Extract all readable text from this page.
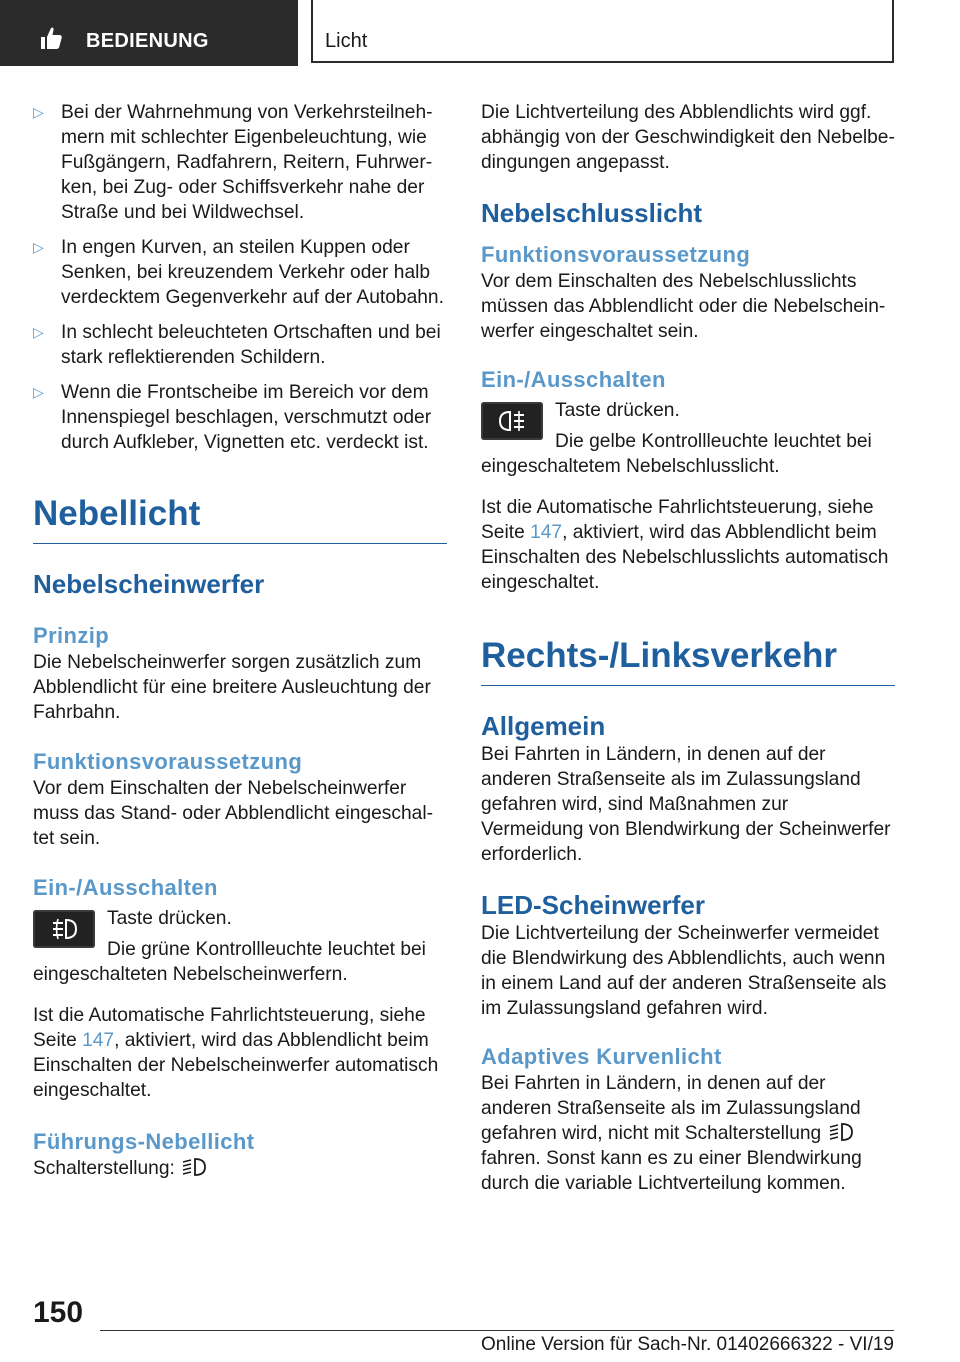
BEDIENUNG	Licht
▷ Bei der Wahrnehmung von Verkehrsteilnehmern mit schlechter Eigenbeleuchtung, wie Fußgängern, Radfahrern, Reitern, Fuhrwerken, bei Zug- oder Schiffsverkehr nahe der Straße und bei Wildwechsel.
▷ In engen Kurven, an steilen Kuppen oder Senken, bei kreuzendem Verkehr oder halb verdecktem Gegenverkehr auf der Autobahn.
▷ In schlecht beleuchteten Ortschaften und bei stark reflektierenden Schildern.
▷ Wenn die Frontscheibe im Bereich vor dem Innenspiegel beschlagen, verschmutzt oder durch Aufkleber, Vignetten etc. verdeckt ist.
Nebellicht
Nebelscheinwerfer
Prinzip

Die Nebelscheinwerfer sorgen zusätzlich zum Abblendlicht für eine breitere Ausleuchtung der Fahrbahn.

Funktionsvoraussetzung

Vor dem Einschalten der Nebelscheinwerfer muss das Stand- oder Abblendlicht eingeschaltet sein.

Ein-/Ausschalten

Taste drücken.

Die grüne Kontrollleuchte leuchtet bei eingeschalteten Nebelscheinwerfern.

Ist die Automatische Fahrlichtsteuerung, siehe Seite 147, aktiviert, wird das Abblendlicht beim Einschalten der Nebelscheinwerfer automatisch eingeschaltet.

Führungs-Nebellicht

Schalterstellung:

Die Lichtverteilung des Abblendlichts wird ggf. abhängig von der Geschwindigkeit den Nebelbedingungen angepasst.

Nebelschlusslicht
Funktionsvoraussetzung

Vor dem Einschalten des Nebelschlusslichts müssen das Abblendlicht oder die Nebelscheinwerfer eingeschaltet sein.

Ein-/Ausschalten

Taste drücken.

Die gelbe Kontrollleuchte leuchtet bei eingeschaltetem Nebelschlusslicht.

Ist die Automatische Fahrlichtsteuerung, siehe Seite 147, aktiviert, wird das Abblendlicht beim Einschalten des Nebelschlusslichts automatisch eingeschaltet.

Rechts-/Linksverkehr
Allgemein

Bei Fahrten in Ländern, in denen auf der anderen Straßenseite als im Zulassungsland gefahren wird, sind Maßnahmen zur Vermeidung von Blendwirkung der Scheinwerfer erforderlich.

LED-Scheinwerfer

Die Lichtverteilung der Scheinwerfer vermeidet die Blendwirkung des Abblendlichts, auch wenn in einem Land auf der anderen Straßenseite als im Zulassungsland gefahren wird.

Adaptives Kurvenlicht

Bei Fahrten in Ländern, in denen auf der anderen Straßenseite als im Zulassungsland gefahren wird, nicht mit Schalterstellung  fahren. Sonst kann es zu einer Blendwirkung durch die variable Lichtverteilung kommen.

150
Online Version für Sach-Nr. 01402666322 - VI/19
